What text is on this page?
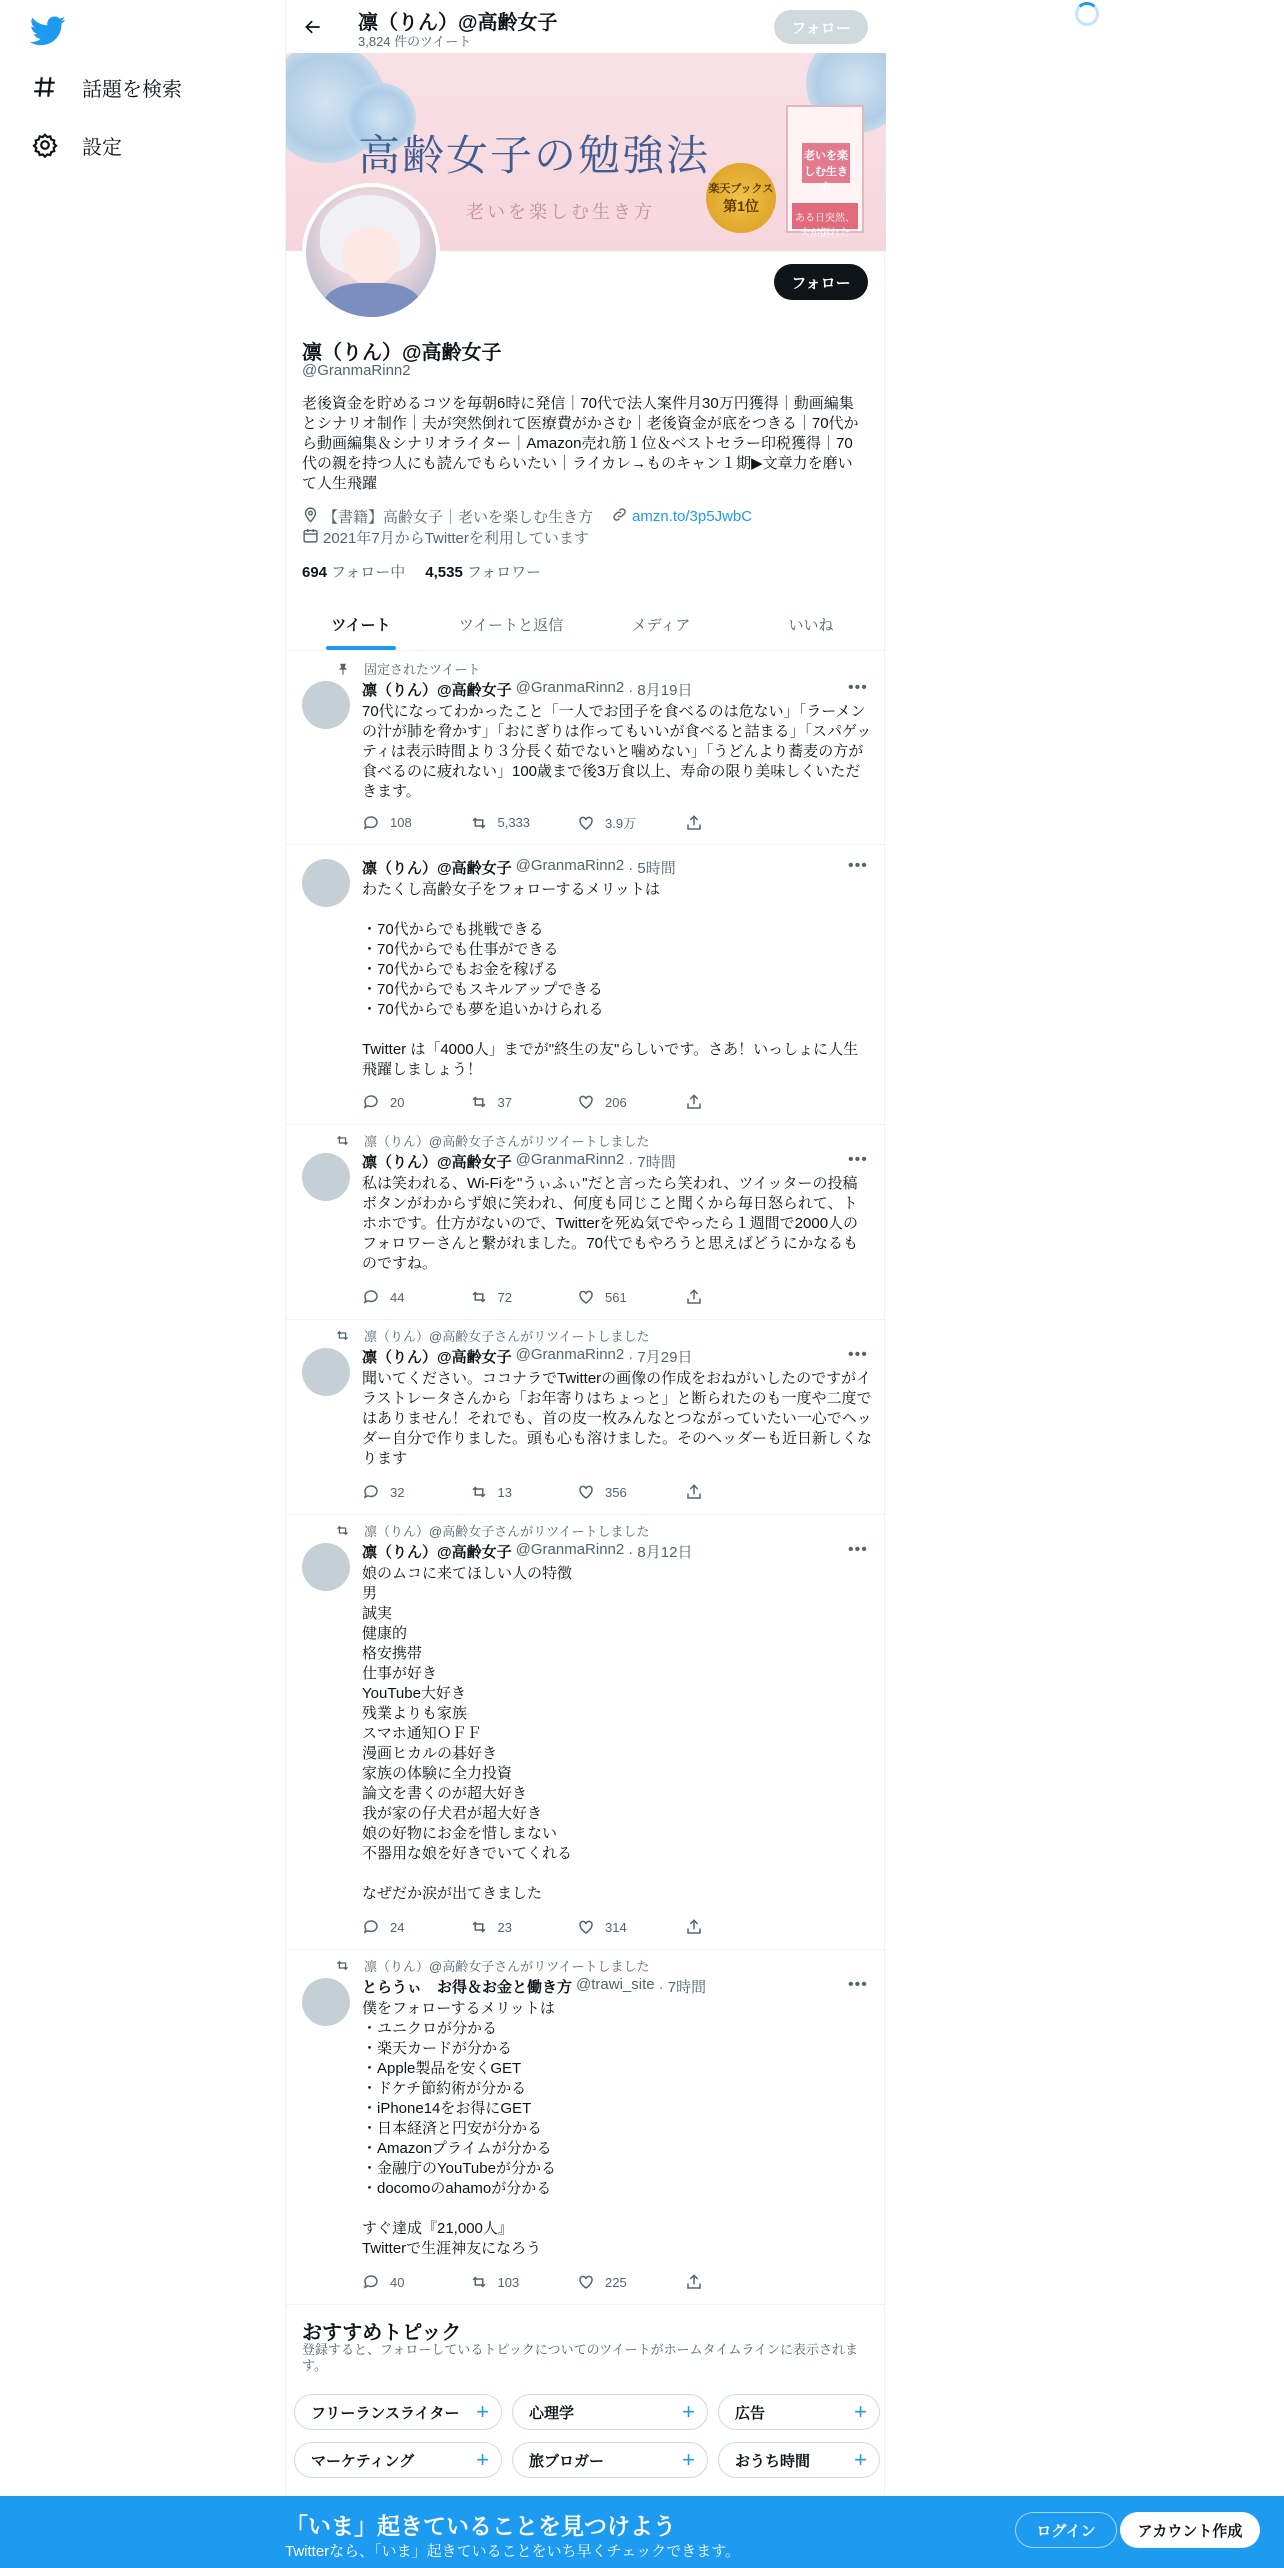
話題を検索
設定
凛（りん）@高齢女子
3,824 件のツイート
フォロー
高齢女子の勉強法
老いを楽しむ生き方
楽天ブックス
第1位
老いを楽しむ生き方
ある日突然、夫が倒れた
フォロー
凛（りん）@高齢女子
@GranmaRinn2
老後資金を貯めるコツを毎朝6時に発信｜70代で法人案件月30万円獲得｜動画編集とシナリオ制作｜夫が突然倒れて医療費がかさむ｜老後資金が底をつきる｜70代から動画編集＆シナリオライター｜Amazon売れ筋１位＆ベストセラー印税獲得｜70代の親を持つ人にも読んでもらいたい｜ライカレ→ものキャン１期▶文章力を磨いて人生飛躍
【書籍】高齢女子｜老いを楽しむ生き方	amzn.to/3p5JwbC
2021年7月からTwitterを利用しています
694 フォロー中 4,535 フォロワー
ツイート	ツイートと返信	メディア	いいね
固定されたツイート
凛（りん）@高齢女子 @GranmaRinn2 · 8月19日	•••
70代になってわかったこと「一人でお団子を食べるのは危ない」「ラーメンの汁が肺を脅かす」「おにぎりは作ってもいいが食べると詰まる」「スパゲッティは表示時間より３分長く茹でないと噛めない」「うどんより蕎麦の方が食べるのに疲れない」100歳まで後3万食以上、寿命の限り美味しくいただきます。
108	5,333	3.9万
凛（りん）@高齢女子 @GranmaRinn2 · 5時間	•••
わたくし高齢女子をフォローするメリットは

・70代からでも挑戦できる
・70代からでも仕事ができる
・70代からでもお金を稼げる
・70代からでもスキルアップできる
・70代からでも夢を追いかけられる

Twitter は「4000人」までが"終生の友"らしいです。さあ！いっしょに人生飛躍しましょう！
20	37	206
凛（りん）@高齢女子さんがリツイートしました
凛（りん）@高齢女子 @GranmaRinn2 · 7時間	•••
私は笑われる、Wi-Fiを"うぃふぃ"だと言ったら笑われ、ツイッターの投稿ボタンがわからず娘に笑われ、何度も同じこと聞くから毎日怒られて、トホホです。仕方がないので、Twitterを死ぬ気でやったら１週間で2000人のフォロワーさんと繋がれました。70代でもやろうと思えばどうにかなるものですね。
44	72	561
凛（りん）@高齢女子さんがリツイートしました
凛（りん）@高齢女子 @GranmaRinn2 · 7月29日	•••
聞いてください。ココナラでTwitterの画像の作成をおねがいしたのですがイラストレータさんから「お年寄りはちょっと」と断られたのも一度や二度ではありません！それでも、首の皮一枚みんなとつながっていたい一心でヘッダー自分で作りました。頭も心も溶けました。そのヘッダーも近日新しくなります
32	13	356
凛（りん）@高齢女子さんがリツイートしました
凛（りん）@高齢女子 @GranmaRinn2 · 8月12日	•••
娘のムコに来てほしい人の特徴
男
誠実
健康的
格安携帯
仕事が好き
YouTube大好き
残業よりも家族
スマホ通知ＯＦＦ
漫画ヒカルの碁好き
家族の体験に全力投資
論文を書くのが超大好き
我が家の仔犬君が超大好き
娘の好物にお金を惜しまない
不器用な娘を好きでいてくれる

なぜだか涙が出てきました
24	23	314
凛（りん）@高齢女子さんがリツイートしました
とらうぃ　お得＆お金と働き方 @trawi_site · 7時間	•••
僕をフォローするメリットは
・ユニクロが分かる
・楽天カードが分かる
・Apple製品を安くGET
・ドケチ節約術が分かる
・iPhone14をお得にGET
・日本経済と円安が分かる
・Amazonプライムが分かる
・金融庁のYouTubeが分かる
・docomoのahamoが分かる

すぐ達成『21,000人』
Twitterで生涯神友になろう
40	103	225
おすすめトピック
登録すると、フォローしているトピックについてのツイートがホームタイムラインに表示されます。
フリーランスライター +	心理学	+	広告	+
マーケティング	+	旅ブロガー	+	おうち時間 +
「いま」起きていることを見つけよう
Twitterなら、「いま」起きていることをいち早くチェックできます。
ログイン	アカウント作成
